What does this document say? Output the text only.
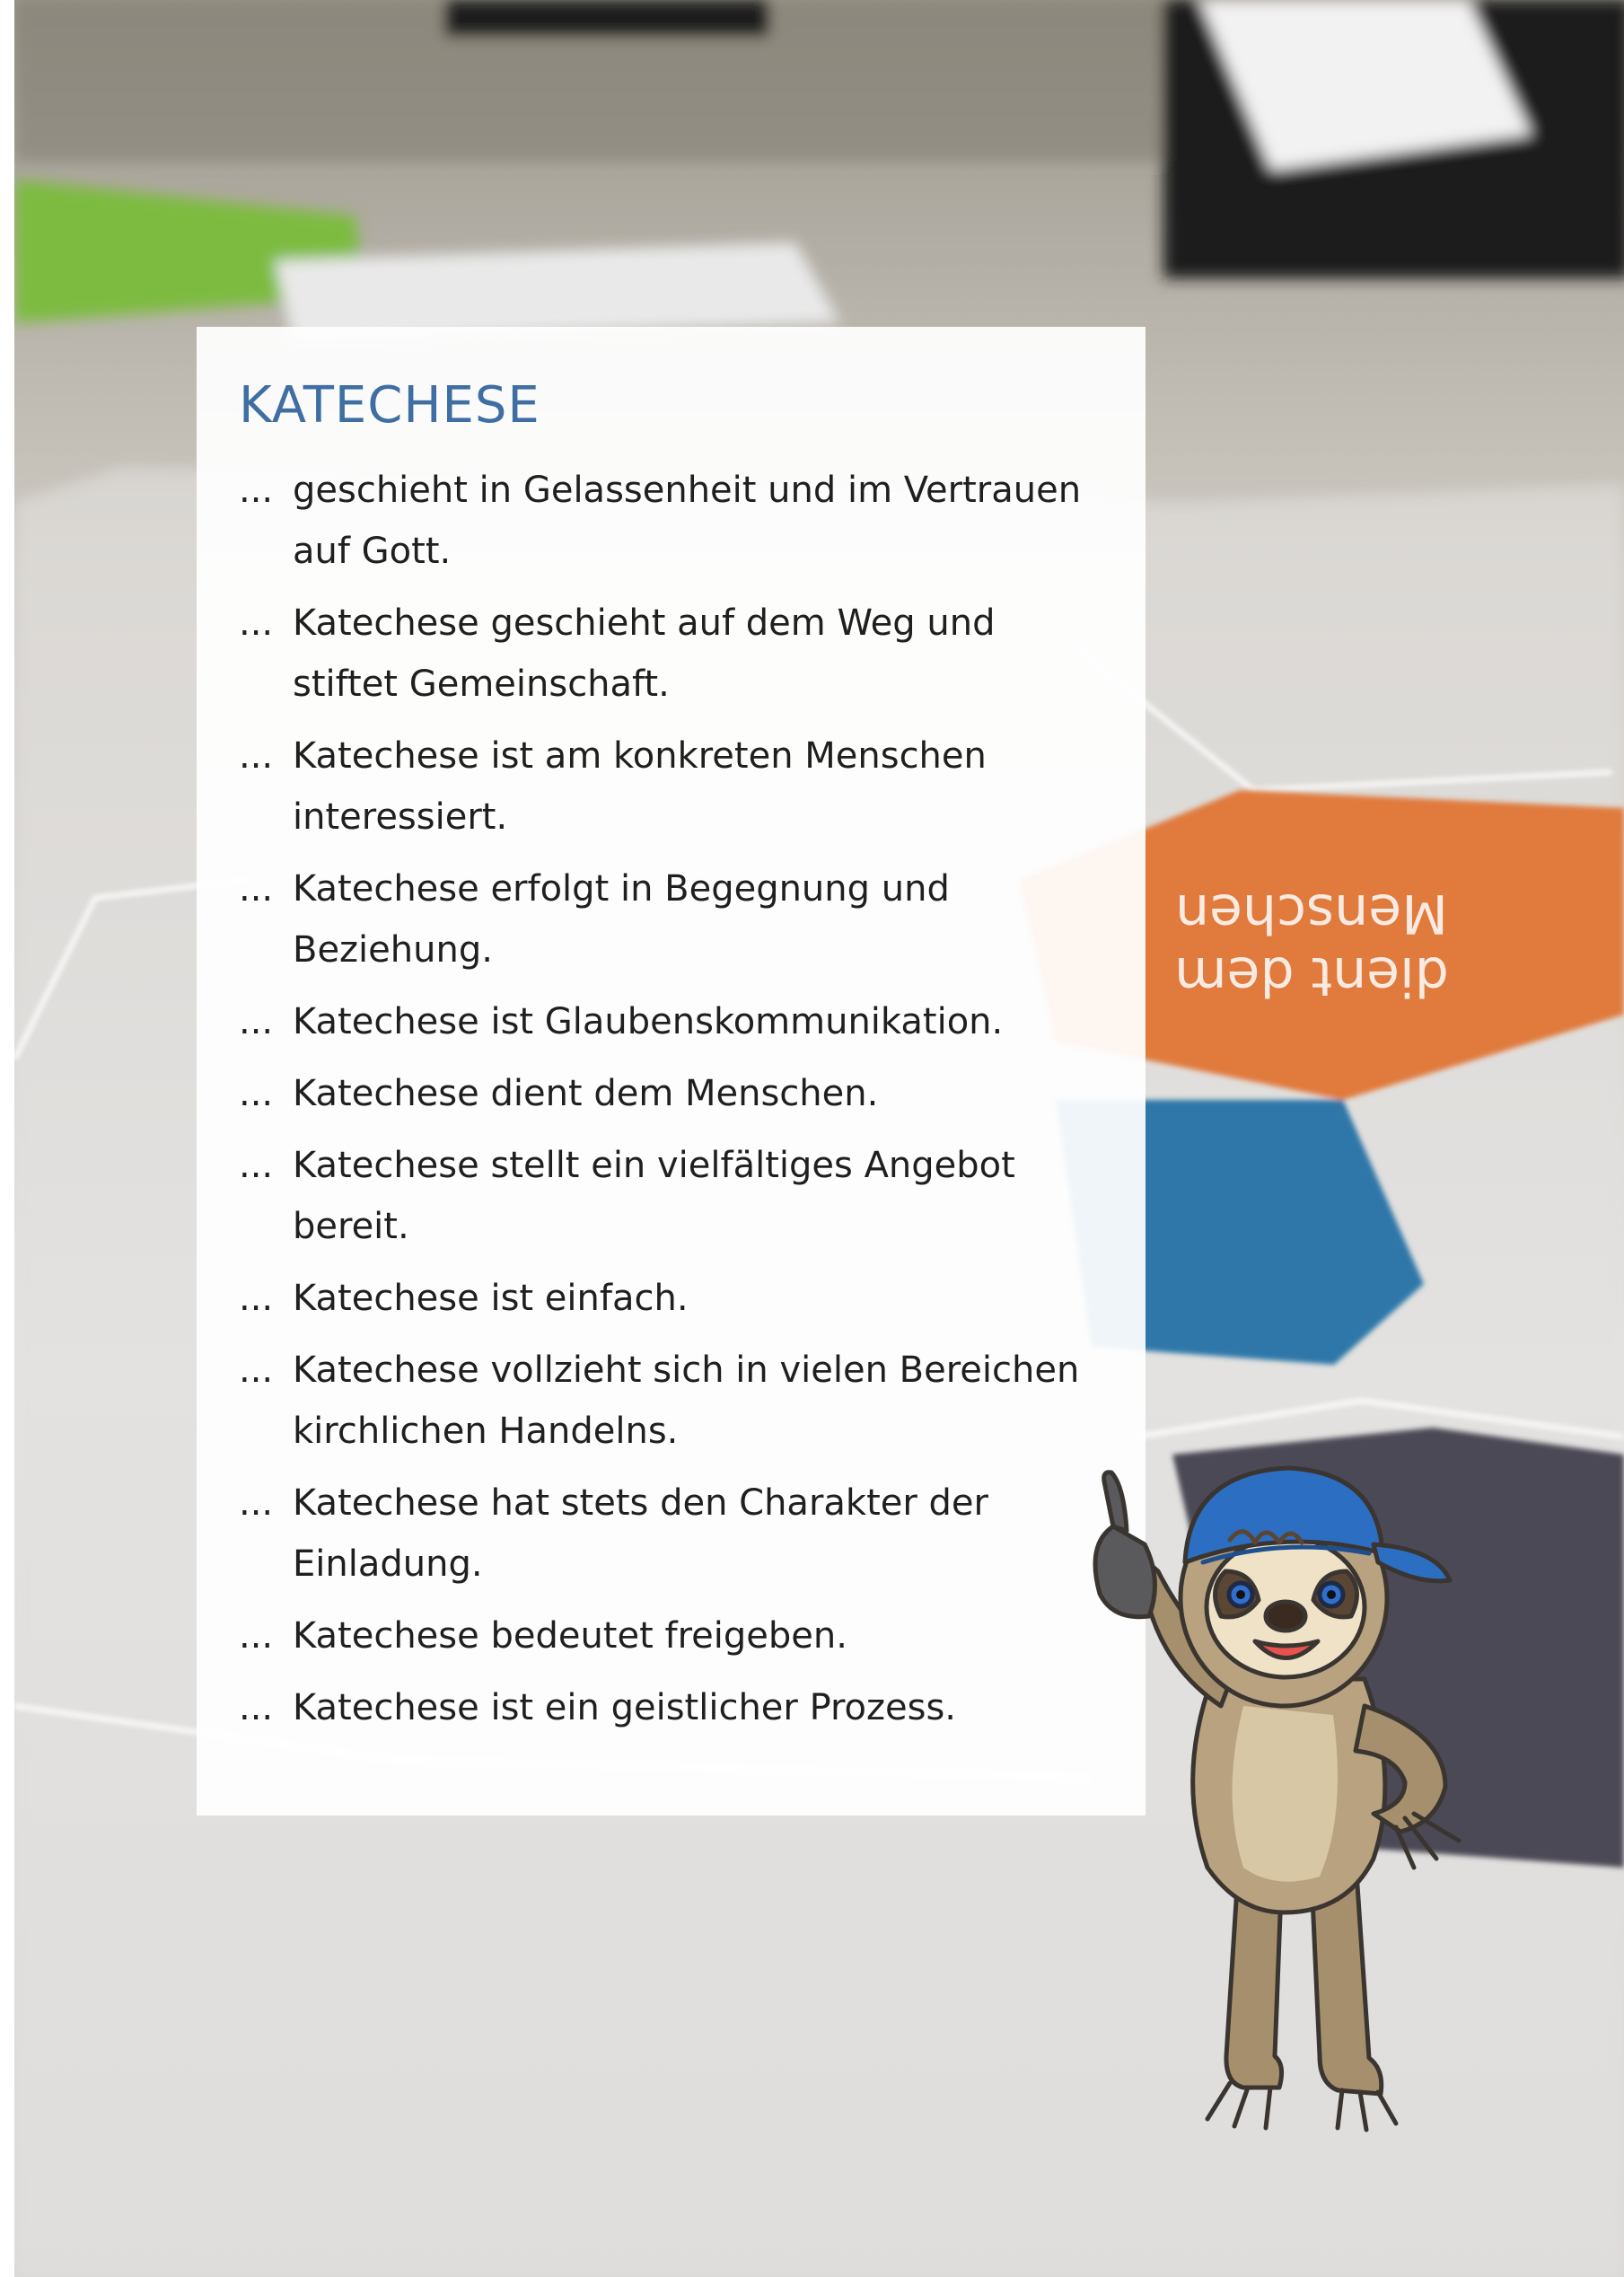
dient dem
Menschen
KATECHESE
... geschieht in Gelassenheit und im Vertrauen auf Gott.
... Katechese geschieht auf dem Weg und stiftet Gemeinschaft.
... Katechese ist am konkreten Menschen interessiert.
... Katechese erfolgt in Begegnung und Beziehung.
... Katechese ist Glaubenskommunikation.
... Katechese dient dem Menschen.
... Katechese stellt ein vielfältiges Angebot bereit.
... Katechese ist einfach.
... Katechese vollzieht sich in vielen Bereichen kirchlichen Handelns.
... Katechese hat stets den Charakter der Einladung.
... Katechese bedeutet freigeben.
... Katechese ist ein geistlicher Prozess.
